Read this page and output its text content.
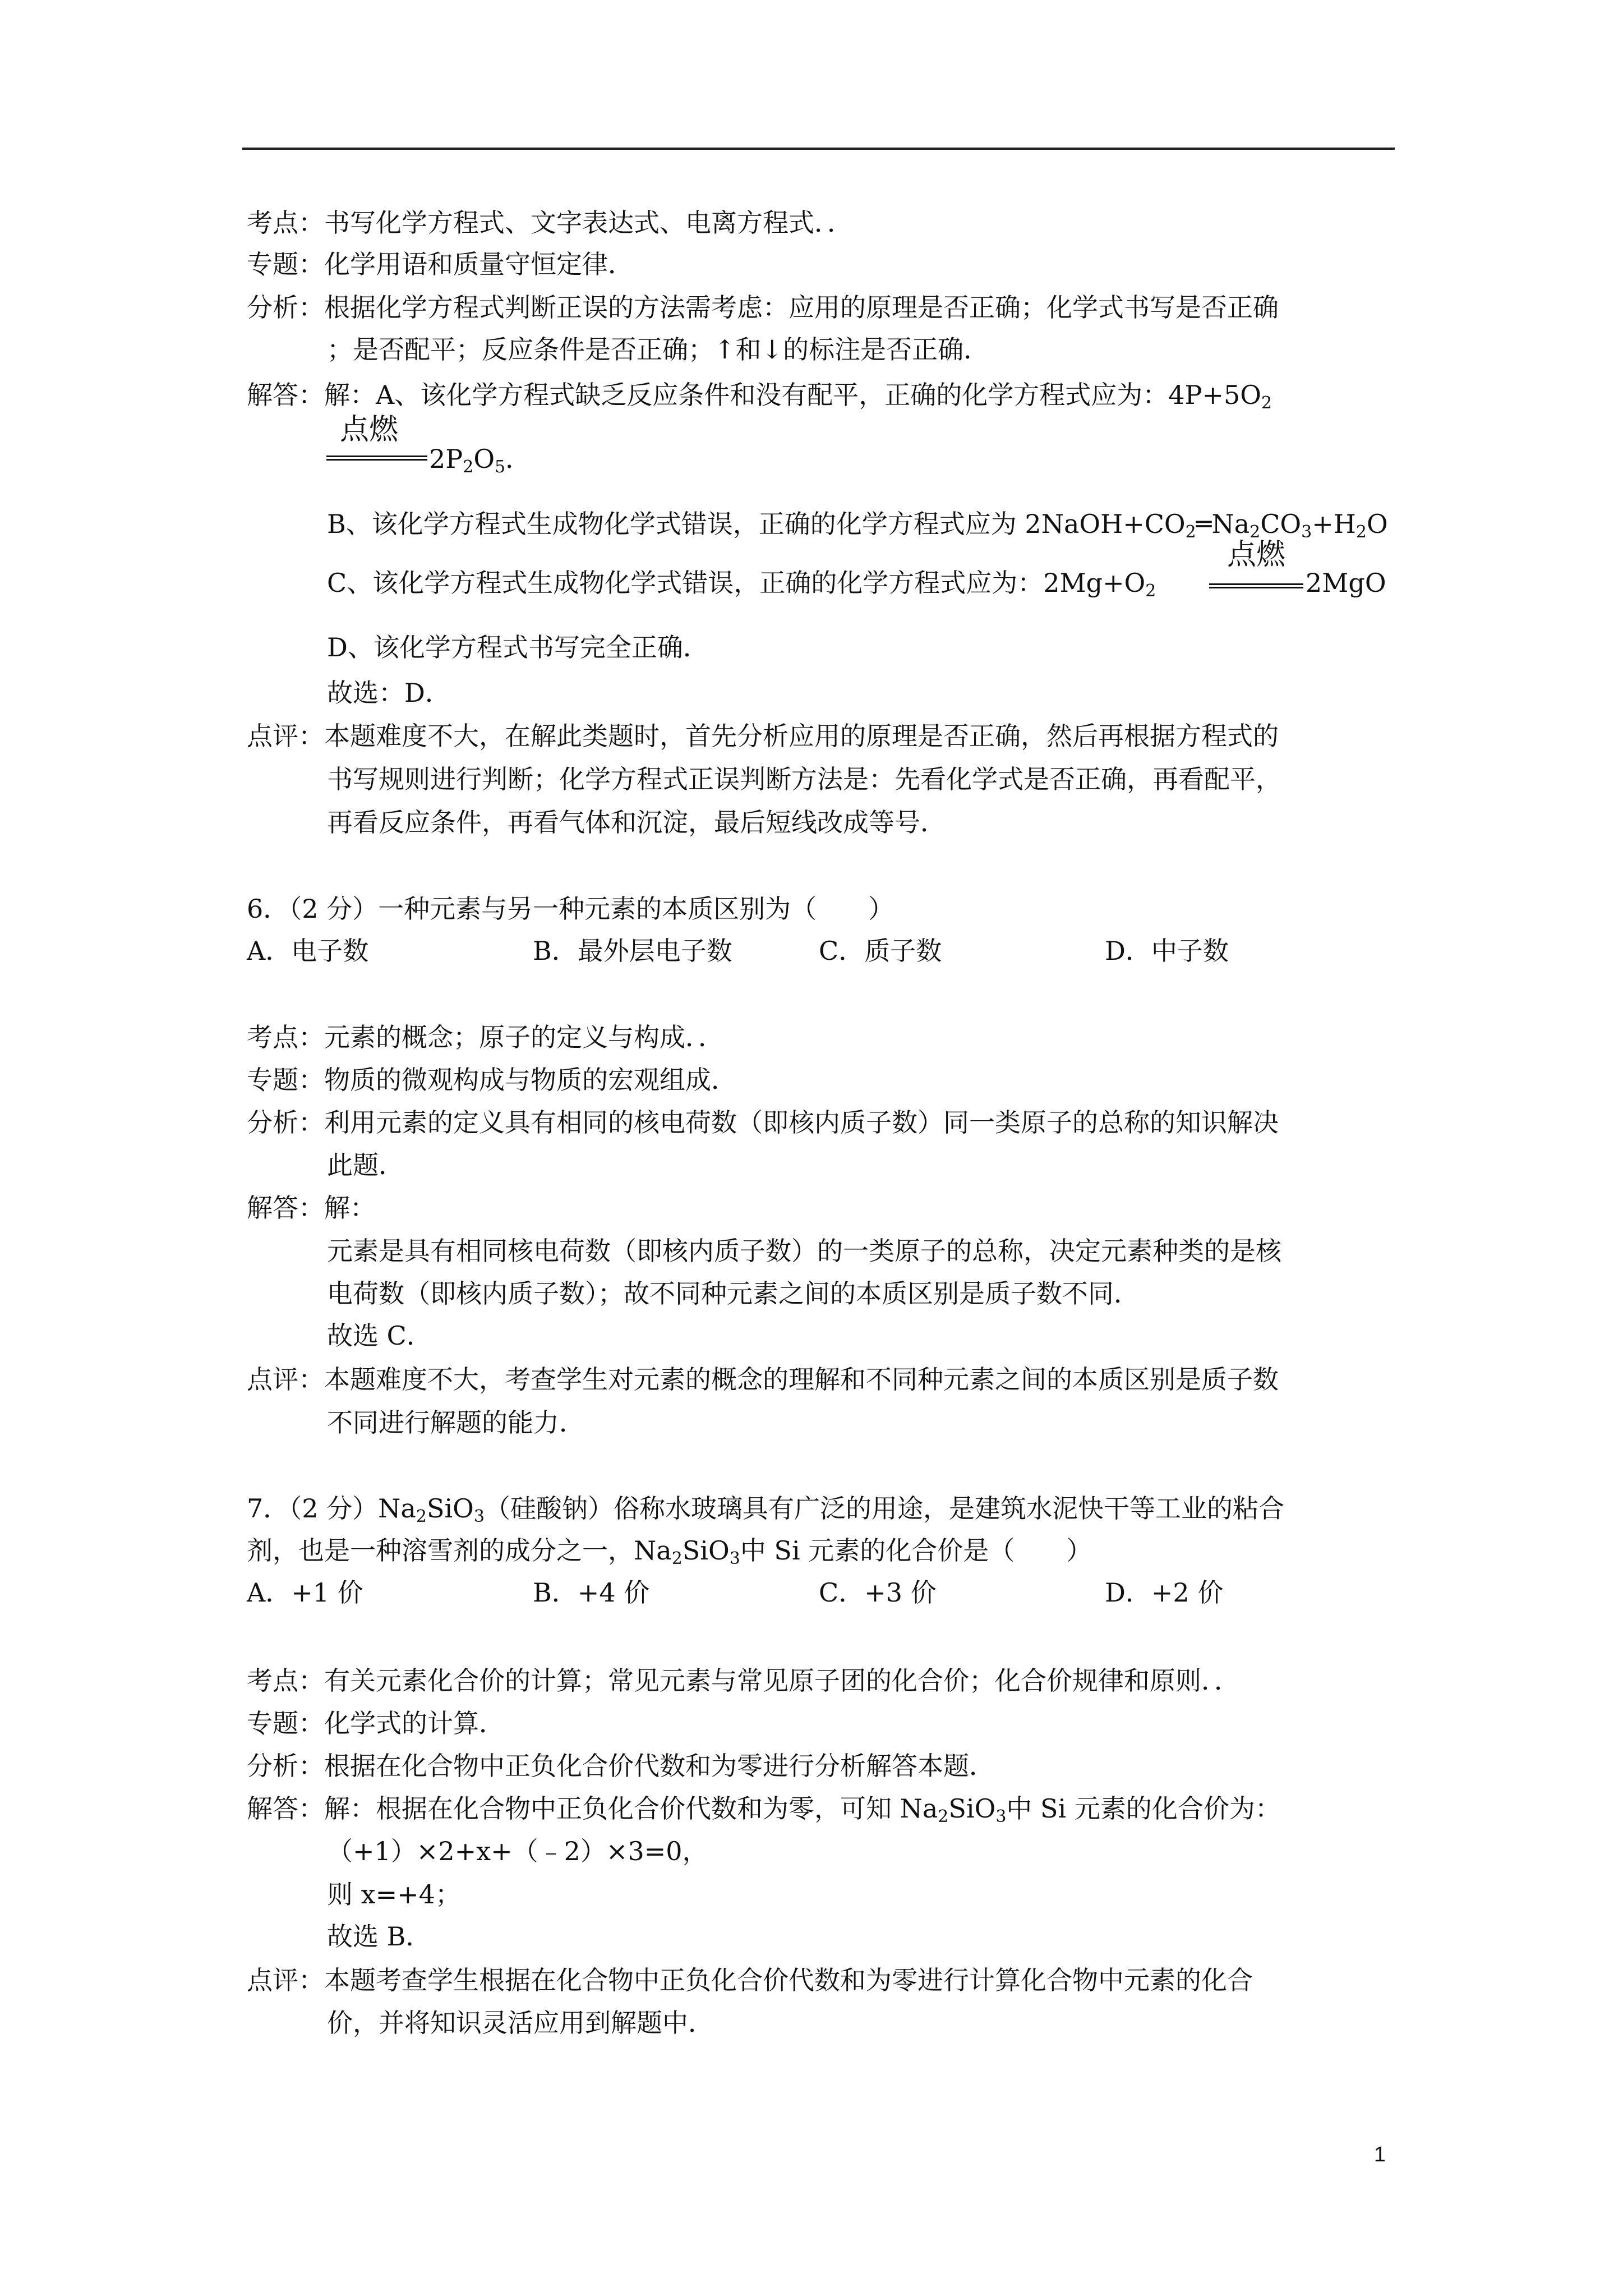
考点：书写化学方程式、文字表达式、电离方程式．．
专题：化学用语和质量守恒定律．
分析：根据化学方程式判断正误的方法需考虑：应用的原理是否正确；化学式书写是否正确
；是否配平；反应条件是否正确；↑和↓的标注是否正确．
解答：解：A、该化学方程式缺乏反应条件和没有配平，正确的化学方程式应为：$4P+5O_2$
点燃
$2P_2O_5$．
B、该化学方程式生成物化学式错误，正确的化学方程式应为 $2NaOH+CO_2═Na_2CO_3+H_2O$
C、该化学方程式生成物化学式错误，正确的化学方程式应为：$2Mg+O_2$
点燃
2MgO
D、该化学方程式书写完全正确．
故选：D．
点评：本题难度不大，在解此类题时，首先分析应用的原理是否正确，然后再根据方程式的
书写规则进行判断；化学方程式正误判断方法是：先看化学式是否正确，再看配平，
再看反应条件，再看气体和沉淀，最后短线改成等号．
6．（2 分）一种元素与另一种元素的本质区别为（　　）
A．电子数	B．最外层电子数	C．质子数	D．中子数
考点：元素的概念；原子的定义与构成．．
专题：物质的微观构成与物质的宏观组成．
分析：利用元素的定义具有相同的核电荷数（即核内质子数）同一类原子的总称的知识解决
此题．
解答：解：
元素是具有相同核电荷数（即核内质子数）的一类原子的总称，决定元素种类的是核
电荷数（即核内质子数）；故不同种元素之间的本质区别是质子数不同．
故选 C．
点评：本题难度不大，考查学生对元素的概念的理解和不同种元素之间的本质区别是质子数
不同进行解题的能力．
7．（2 分）$Na_2SiO_3$（硅酸钠）俗称水玻璃具有广泛的用途，是建筑水泥快干等工业的粘合
剂，也是一种溶雪剂的成分之一，$Na_2SiO_3$中 Si 元素的化合价是（　　）
A．+1 价	B．+4 价	C．+3 价	D．+2 价
考点：有关元素化合价的计算；常见元素与常见原子团的化合价；化合价规律和原则．．
专题：化学式的计算．
分析：根据在化合物中正负化合价代数和为零进行分析解答本题．
解答：解：根据在化合物中正负化合价代数和为零，可知 $Na_2SiO_3$中 Si 元素的化合价为：
（+1）×2+x+（﹣2）×3=0，
则 x=+4；
故选 B．
点评：本题考查学生根据在化合物中正负化合价代数和为零进行计算化合物中元素的化合
价，并将知识灵活应用到解题中．
1
